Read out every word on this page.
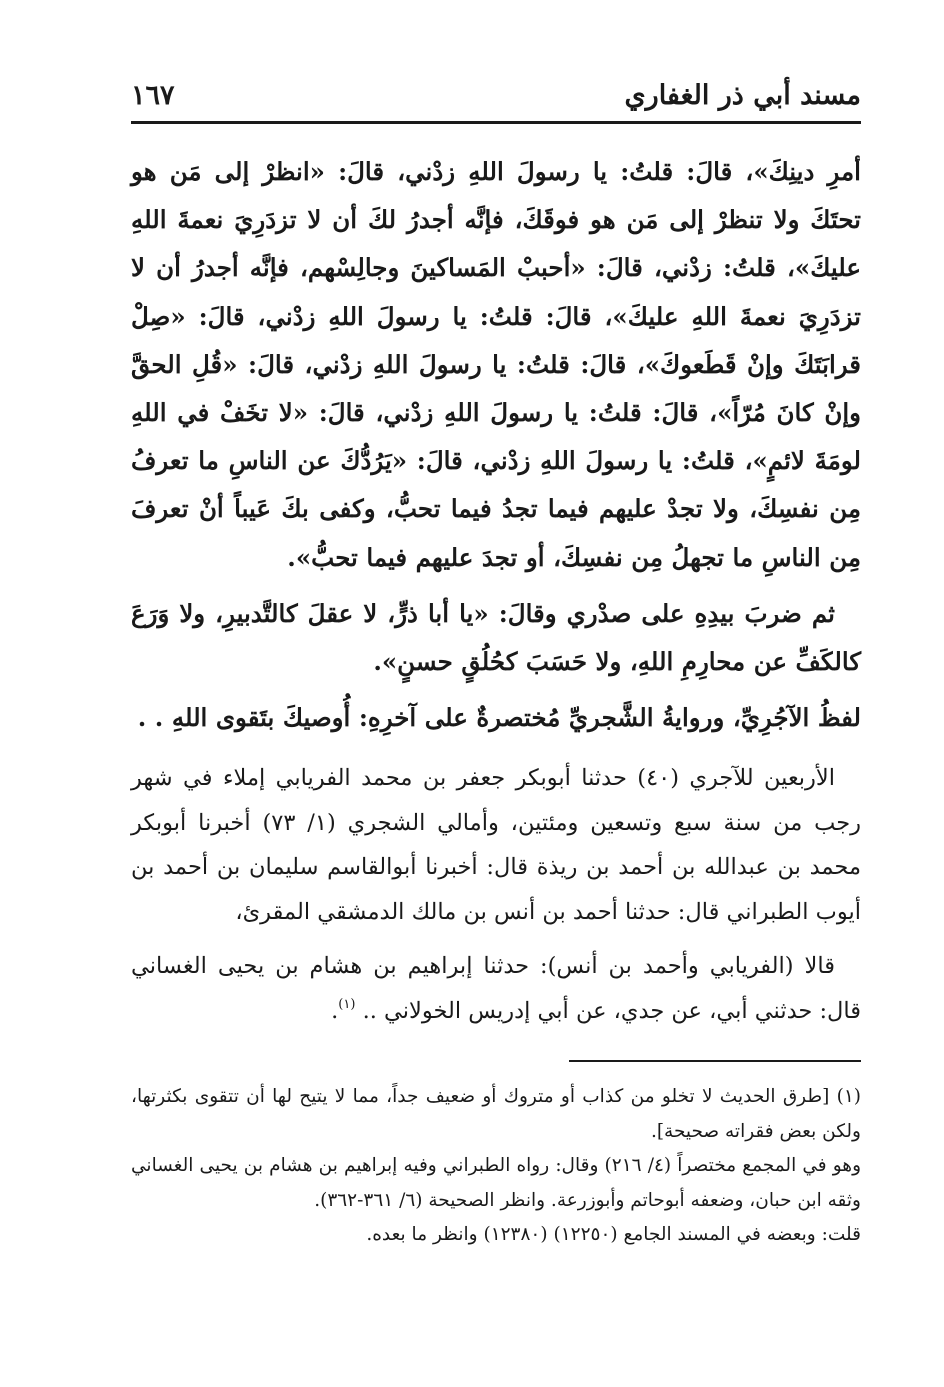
مسند أبي ذر الغفاري
١٦٧

أمرِ دينِكَ»، قالَ: قلتُ: يا رسولَ اللهِ زدْني، قالَ: «انظرْ إلى مَن هو تحتَكَ ولا تنظرْ إلى مَن هو فوقَكَ، فإنَّه أجدرُ لكَ أن لا تزدَرِيَ نعمةَ اللهِ عليكَ»، قلتُ: زدْني، قالَ: «أحببْ المَساكينَ وجالِسْهم، فإنَّه أجدرُ أن لا تزدَرِيَ نعمةَ اللهِ عليكَ»، قالَ: قلتُ: يا رسولَ اللهِ زدْني، قالَ: «صِلْ قرابَتَكَ وإنْ قَطَعوكَ»، قالَ: قلتُ: يا رسولَ اللهِ زدْني، قالَ: «قُلِ الحقَّ وإنْ كانَ مُرّاً»، قالَ: قلتُ: يا رسولَ اللهِ زدْني، قالَ: «لا تخَفْ في اللهِ لومَةَ لائمٍ»، قلتُ: يا رسولَ اللهِ زدْني، قالَ: «يَرُدُّكَ عن الناسِ ما تعرفُ مِن نفسِكَ، ولا تجدْ عليهم فيما تجدُ فيما تحبُّ، وكفى بكَ عَيباً أنْ تعرفَ مِن الناسِ ما تجهلُ مِن نفسِكَ، أو تجدَ عليهم فيما تحبُّ».

ثم ضربَ بيدِهِ على صدْري وقالَ: «يا أبا ذرٍّ، لا عقلَ كالتَّدبيرِ، ولا وَرَعَ كالكَفِّ عن محارِمِ اللهِ، ولا حَسَبَ كحُلُقٍ حسنٍ».

لفظُ الآجُرِيِّ، وروايةُ الشَّجريِّ مُختصرةٌ على آخرِهِ: أُوصيكَ بتَقوى اللهِ . .

الأربعين للآجري (٤٠) حدثنا أبوبكر جعفر بن محمد الفريابي إملاء في شهر رجب من سنة سبع وتسعين ومئتين، وأمالي الشجري (١/ ٧٣) أخبرنا أبوبكر محمد بن عبدالله بن أحمد بن ريذة قال: أخبرنا أبوالقاسم سليمان بن أحمد بن أيوب الطبراني قال: حدثنا أحمد بن أنس بن مالك الدمشقي المقرئ،

قالا (الفريابي وأحمد بن أنس): حدثنا إبراهيم بن هشام بن يحيى الغساني قال: حدثني أبي، عن جدي، عن أبي إدريس الخولاني .. $^{(١)}$.

(١) [طرق الحديث لا تخلو من كذاب أو متروك أو ضعيف جداً، مما لا يتيح لها أن تتقوى بكثرتها، ولكن بعض فقراته صحيحة].

وهو في المجمع مختصراً (٤/ ٢١٦) وقال: رواه الطبراني وفيه إبراهيم بن هشام بن يحيى الغساني وثقه ابن حبان، وضعفه أبوحاتم وأبوزرعة. وانظر الصحيحة (٦/ ٣٦١-٣٦٢).

قلت: وبعضه في المسند الجامع (١٢٢٥٠) (١٢٣٨٠) وانظر ما بعده.
